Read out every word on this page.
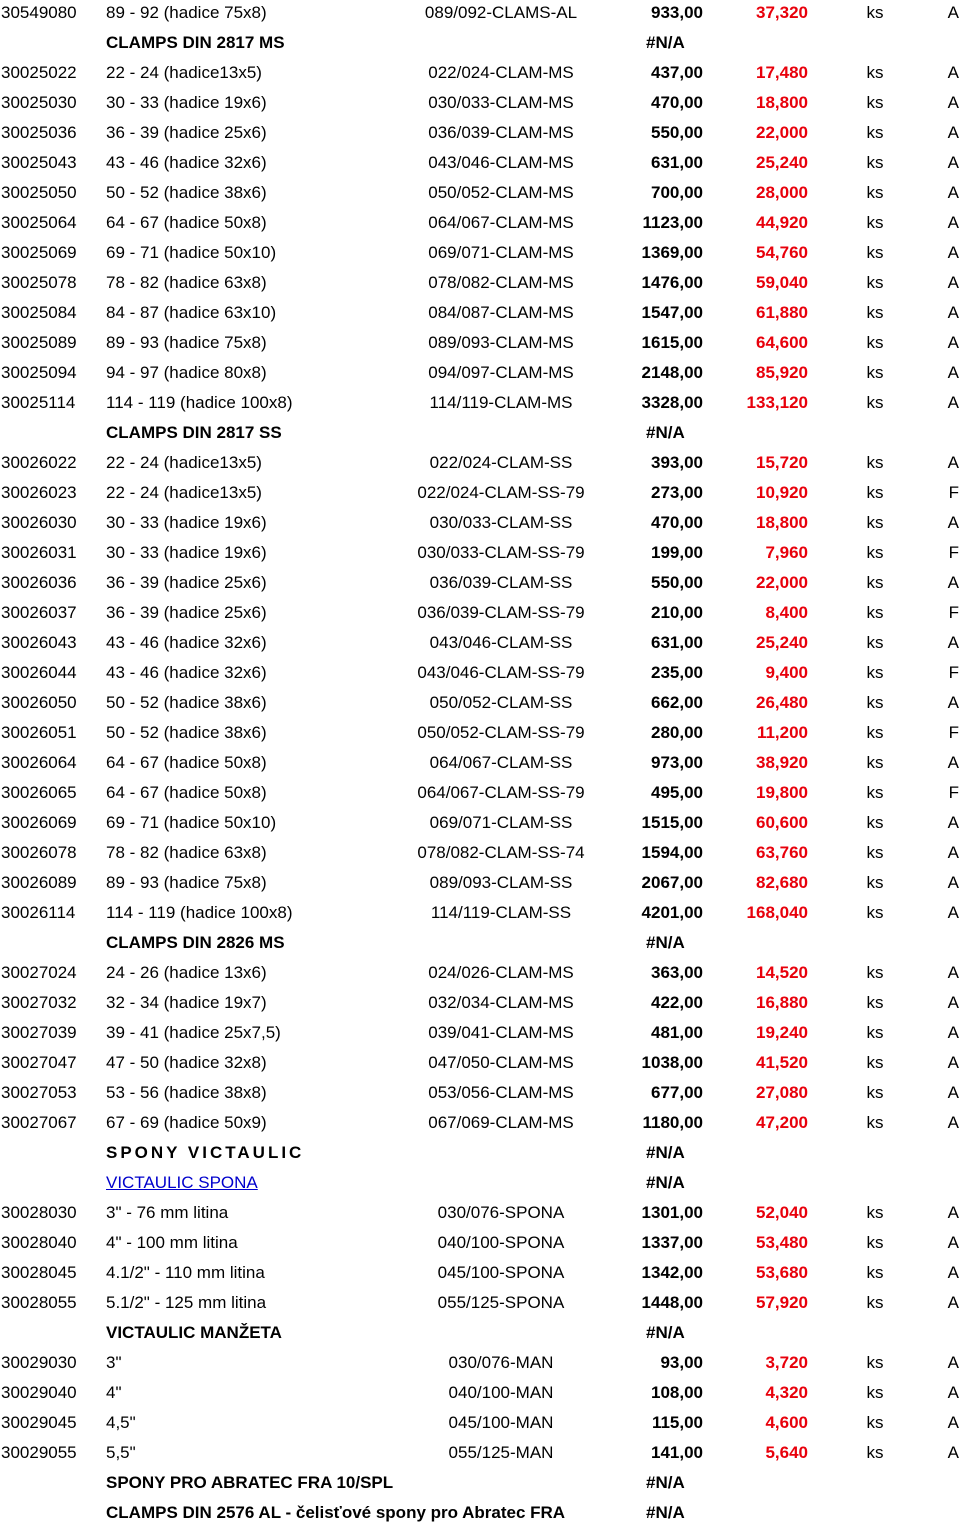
30549080 89 - 92 (hadice 75x8)	089/092-CLAMS-AL	933,00	37,320	ks	A
CLAMPS DIN 2817 MS	#N/A
30025022 22 - 24 (hadice13x5)	022/024-CLAM-MS	437,00	17,480	ks	A
30025030 30 - 33 (hadice 19x6)	030/033-CLAM-MS	470,00	18,800	ks	A
30025036 36 - 39 (hadice 25x6)	036/039-CLAM-MS	550,00	22,000	ks	A
30025043 43 - 46 (hadice 32x6)	043/046-CLAM-MS	631,00	25,240	ks	A
30025050 50 - 52 (hadice 38x6)	050/052-CLAM-MS	700,00	28,000	ks	A
30025064 64 - 67 (hadice 50x8)	064/067-CLAM-MS	1123,00	44,920	ks	A
30025069 69 - 71 (hadice 50x10)	069/071-CLAM-MS	1369,00	54,760	ks	A
30025078 78 - 82 (hadice 63x8)	078/082-CLAM-MS	1476,00	59,040	ks	A
30025084 84 - 87 (hadice 63x10)	084/087-CLAM-MS	1547,00	61,880	ks	A
30025089 89 - 93 (hadice 75x8)	089/093-CLAM-MS	1615,00	64,600	ks	A
30025094 94 - 97 (hadice 80x8)	094/097-CLAM-MS	2148,00	85,920	ks	A
30025114 114 - 119 (hadice 100x8)	114/119-CLAM-MS	3328,00	133,120	ks	A
CLAMPS DIN 2817 SS	#N/A
30026022 22 - 24 (hadice13x5)	022/024-CLAM-SS	393,00	15,720	ks	A
30026023 22 - 24 (hadice13x5)	022/024-CLAM-SS-79	273,00	10,920	ks	F
30026030 30 - 33 (hadice 19x6)	030/033-CLAM-SS	470,00	18,800	ks	A
30026031 30 - 33 (hadice 19x6)	030/033-CLAM-SS-79	199,00	7,960	ks	F
30026036 36 - 39 (hadice 25x6)	036/039-CLAM-SS	550,00	22,000	ks	A
30026037 36 - 39 (hadice 25x6)	036/039-CLAM-SS-79	210,00	8,400	ks	F
30026043 43 - 46 (hadice 32x6)	043/046-CLAM-SS	631,00	25,240	ks	A
30026044 43 - 46 (hadice 32x6)	043/046-CLAM-SS-79	235,00	9,400	ks	F
30026050 50 - 52 (hadice 38x6)	050/052-CLAM-SS	662,00	26,480	ks	A
30026051 50 - 52 (hadice 38x6)	050/052-CLAM-SS-79	280,00	11,200	ks	F
30026064 64 - 67 (hadice 50x8)	064/067-CLAM-SS	973,00	38,920	ks	A
30026065 64 - 67 (hadice 50x8)	064/067-CLAM-SS-79	495,00	19,800	ks	F
30026069 69 - 71 (hadice 50x10)	069/071-CLAM-SS	1515,00	60,600	ks	A
30026078 78 - 82 (hadice 63x8)	078/082-CLAM-SS-74	1594,00	63,760	ks	A
30026089 89 - 93 (hadice 75x8)	089/093-CLAM-SS	2067,00	82,680	ks	A
30026114 114 - 119 (hadice 100x8)	114/119-CLAM-SS	4201,00	168,040	ks	A
CLAMPS DIN 2826 MS	#N/A
30027024 24 - 26 (hadice 13x6)	024/026-CLAM-MS	363,00	14,520	ks	A
30027032 32 - 34 (hadice 19x7)	032/034-CLAM-MS	422,00	16,880	ks	A
30027039 39 - 41 (hadice 25x7,5)	039/041-CLAM-MS	481,00	19,240	ks	A
30027047 47 - 50 (hadice 32x8)	047/050-CLAM-MS	1038,00	41,520	ks	A
30027053 53 - 56 (hadice 38x8)	053/056-CLAM-MS	677,00	27,080	ks	A
30027067 67 - 69 (hadice 50x9)	067/069-CLAM-MS	1180,00	47,200	ks	A
SPONY VICTAULIC	#N/A
VICTAULIC SPONA	#N/A
30028030 3" - 76 mm litina	030/076-SPONA	1301,00	52,040	ks	A
30028040 4" - 100 mm litina	040/100-SPONA	1337,00	53,480	ks	A
30028045 4.1/2" - 110 mm litina	045/100-SPONA	1342,00	53,680	ks	A
30028055 5.1/2" - 125 mm litina	055/125-SPONA	1448,00	57,920	ks	A
VICTAULIC MANŽETA	#N/A
30029030 3"	030/076-MAN	93,00	3,720	ks	A
30029040 4"	040/100-MAN	108,00	4,320	ks	A
30029045 4,5"	045/100-MAN	115,00	4,600	ks	A
30029055 5,5"	055/125-MAN	141,00	5,640	ks	A
SPONY PRO ABRATEC FRA 10/SPL	#N/A
CLAMPS DIN 2576 AL - čelisťové spony pro Abratec FRA	#N/A
